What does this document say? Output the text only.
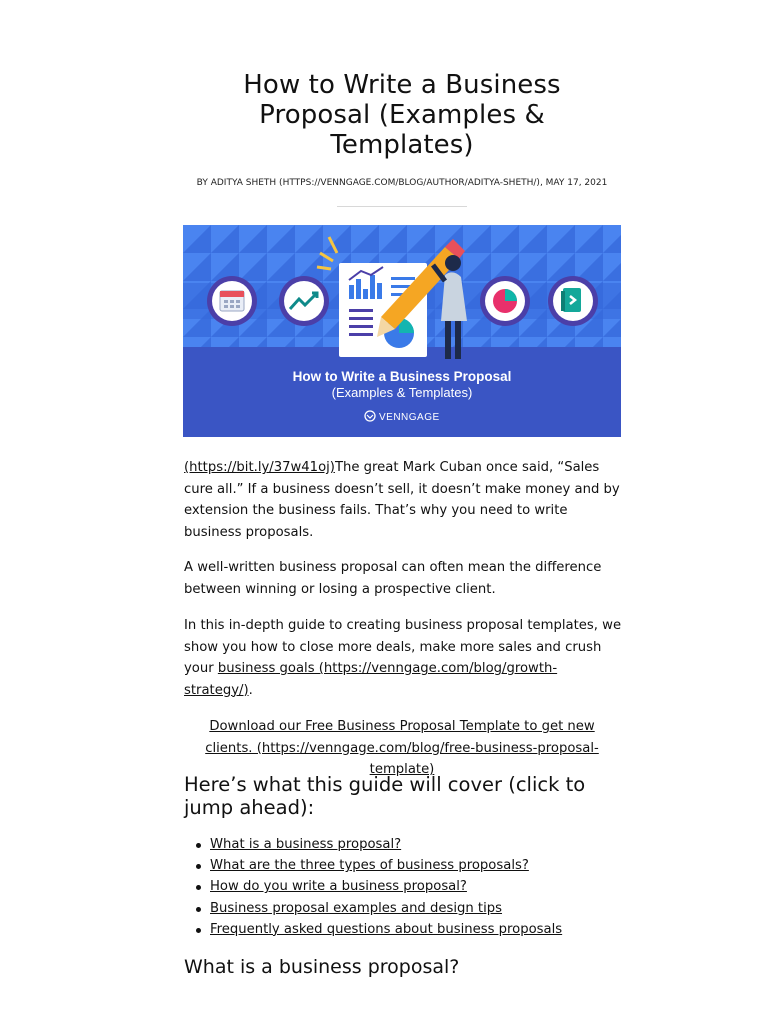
How to Write a Business Proposal (Examples & Templates)
BY ADITYA SHETH (HTTPS://VENNGAGE.COM/BLOG/AUTHOR/ADITYA-SHETH/), MAY 17, 2021
How to Write a Business Proposal
(Examples & Templates)
VENNGAGE

(https://bit.ly/37w41oj)The great Mark Cuban once said, “Sales cure all.” If a business doesn’t sell, it doesn’t make money and by extension the business fails. That’s why you need to write business proposals.

A well-written business proposal can often mean the difference between winning or losing a prospective client.

In this in-depth guide to creating business proposal templates, we show you how to close more deals, make more sales and crush your business goals (https://venngage.com/blog/growth-strategy/).

Download our Free Business Proposal Template to get new clients. (https://venngage.com/blog/free-business-proposal-template)
Here’s what this guide will cover (click to jump ahead):
What is a business proposal?
What are the three types of business proposals?
How do you write a business proposal?
Business proposal examples and design tips
Frequently asked questions about business proposals
What is a business proposal?
